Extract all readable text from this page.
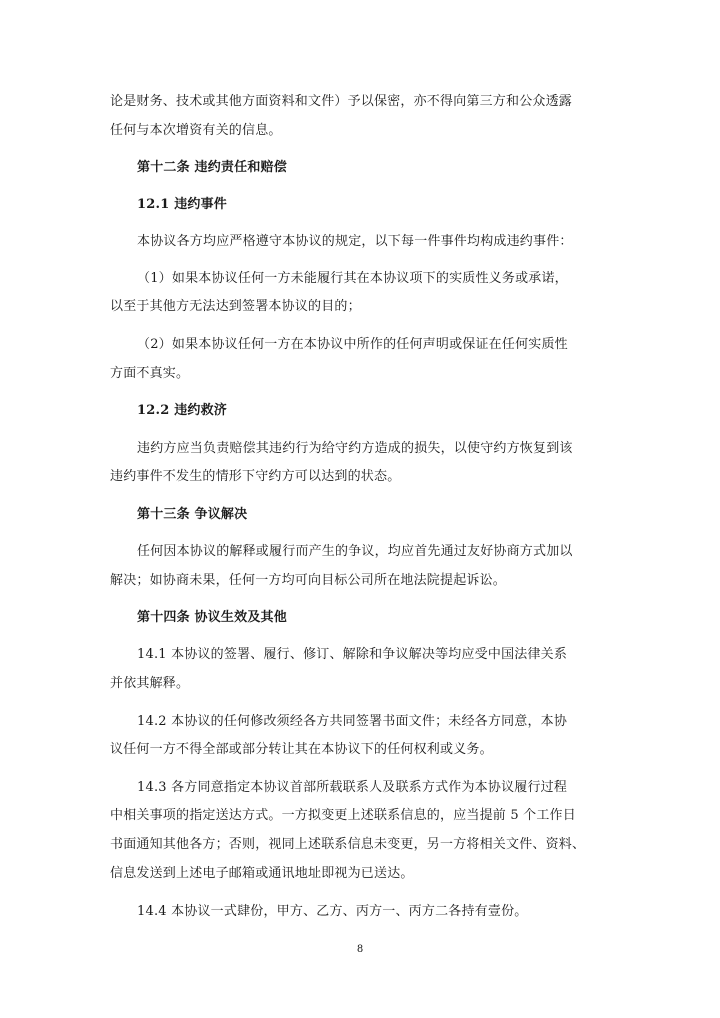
论是财务、技术或其他方面资料和文件）予以保密，亦不得向第三方和公众透露
任何与本次增资有关的信息。
第十二条 违约责任和赔偿
12.1 违约事件
本协议各方均应严格遵守本协议的规定，以下每一件事件均构成违约事件：
（1）如果本协议任何一方未能履行其在本协议项下的实质性义务或承诺，
以至于其他方无法达到签署本协议的目的；
（2）如果本协议任何一方在本协议中所作的任何声明或保证在任何实质性
方面不真实。
12.2 违约救济
违约方应当负责赔偿其违约行为给守约方造成的损失，以使守约方恢复到该
违约事件不发生的情形下守约方可以达到的状态。
第十三条 争议解决
任何因本协议的解释或履行而产生的争议，均应首先通过友好协商方式加以
解决；如协商未果，任何一方均可向目标公司所在地法院提起诉讼。
第十四条 协议生效及其他
14.1 本协议的签署、履行、修订、解除和争议解决等均应受中国法律关系
并依其解释。
14.2 本协议的任何修改须经各方共同签署书面文件；未经各方同意，本协
议任何一方不得全部或部分转让其在本协议下的任何权利或义务。
14.3 各方同意指定本协议首部所载联系人及联系方式作为本协议履行过程
中相关事项的指定送达方式。一方拟变更上述联系信息的，应当提前 5 个工作日
书面通知其他各方；否则，视同上述联系信息未变更，另一方将相关文件、资料、
信息发送到上述电子邮箱或通讯地址即视为已送达。
14.4 本协议一式肆份，甲方、乙方、丙方一、丙方二各持有壹份。
8
